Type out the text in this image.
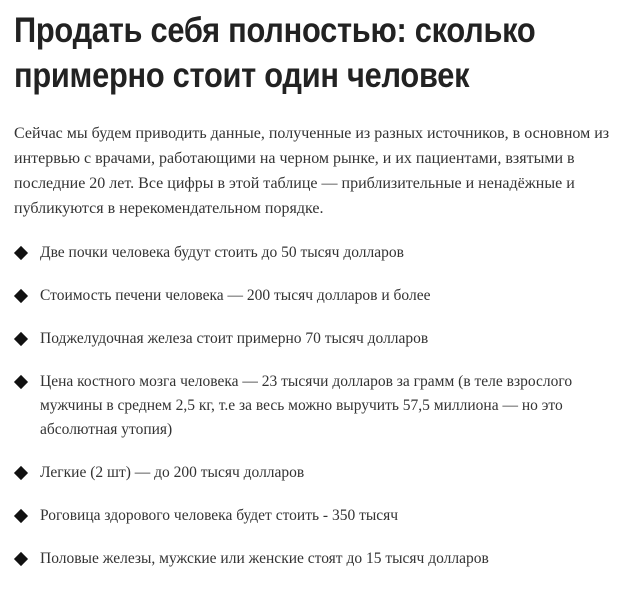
Продать себя полностью: сколько примерно стоит один человек

Сейчас мы будем приводить данные, полученные из разных источников, в основном из интервью с врачами, работающими на черном рынке, и их пациентами, взятыми в последние 20 лет. Все цифры в этой таблице — приблизительные и ненадёжные и публикуются в нерекомендательном порядке.

Две почки человека будут стоить до 50 тысяч долларов
Стоимость печени человека — 200 тысяч долларов и более
Поджелудочная железа стоит примерно 70 тысяч долларов
Цена костного мозга человека — 23 тысячи долларов за грамм (в теле взрослого мужчины в среднем 2,5 кг, т.е за весь можно выручить 57,5 миллиона — но это абсолютная утопия)
Легкие (2 шт) — до 200 тысяч долларов
Роговица здорового человека будет стоить - 350 тысяч
Половые железы, мужские или женские стоят до 15 тысяч долларов
